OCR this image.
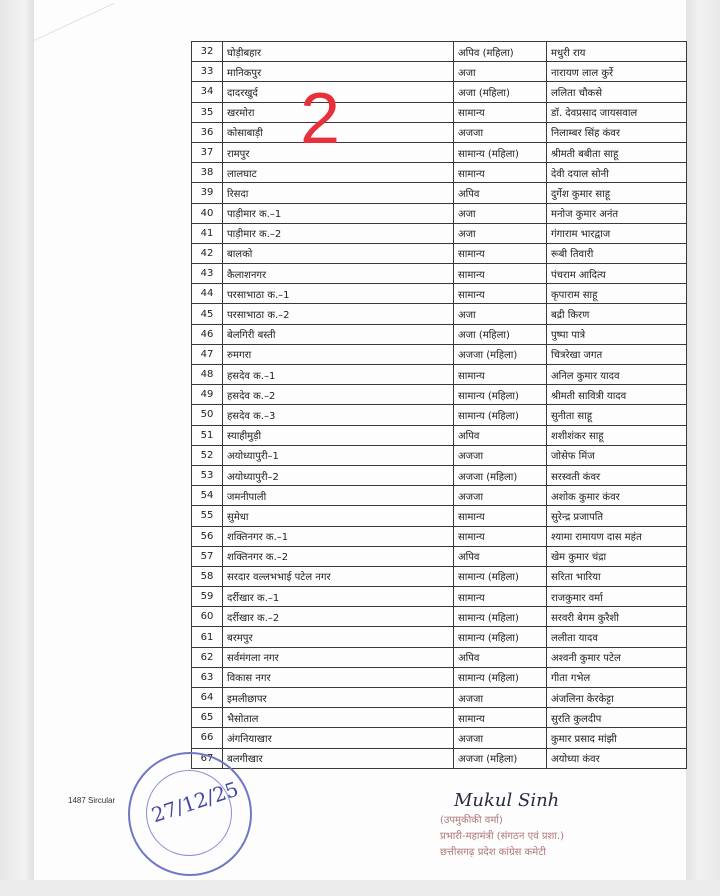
32	घोड़ीबहार	अपिव (महिला)	मधुरी राय
33	मानिकपुर	अजा	नारायण लाल कुर्रे
34	दादरखुर्द	अजा (महिला)	ललिता चौकसे
35	खरमोरा	सामान्य	डॉ. देवप्रसाद जायसवाल
36	कोसाबाड़ी	अजजा	निलाम्बर सिंह कंवर
37	रामपुर	सामान्य (महिला)	श्रीमती बबीता साहू
38	लालघाट	सामान्य	देवी दयाल सोनी
39	रिसदा	अपिव	दुर्गेश कुमार साहू
40	पाड़ीमार क.–1	अजा	मनोज कुमार अनंत
41	पाड़ीमार क.–2	अजा	गंगाराम भारद्वाज
42	बालको	सामान्य	रूबी तिवारी
43	कैलाशनगर	सामान्य	पंचराम आदित्य
44	परसाभाठा क.–1	सामान्य	कृपाराम साहू
45	परसाभाठा क.–2	अजा	बद्री किरण
46	बेलगिरी बस्ती	अजा (महिला)	पुष्पा पात्रे
47	रुमगरा	अजजा (महिला)	चित्ररेखा जगत
48	हसदेव क.–1	सामान्य	अनिल कुमार यादव
49	हसदेव क.–2	सामान्य (महिला)	श्रीमती सावित्री यादव
50	हसदेव क.–3	सामान्य (महिला)	सुनीता साहू
51	स्याहीमुड़ी	अपिव	शशीशंकर साहू
52	अयोध्यापुरी–1	अजजा	जोसेफ मिंज
53	अयोध्यापुरी–2	अजजा (महिला)	सरस्वती कंवर
54	जमनीपाली	अजजा	अशोक कुमार कंवर
55	सुमेधा	सामान्य	सुरेन्द्र प्रजापति
56	शक्तिनगर क.–1	सामान्य	श्यामा रामायण दास महंत
57	शक्तिनगर क.–2	अपिव	खेम कुमार चंद्रा
58	सरदार वल्लभभाई पटेल नगर	सामान्य (महिला)	सरिता भारिया
59	दर्रीखार क.–1	सामान्य	राजकुमार वर्मा
60	दर्रीखार क.–2	सामान्य (महिला)	सरवरी बेगम कुरैशी
61	बरमपुर	सामान्य (महिला)	ललीता यादव
62	सर्वमंगला नगर	अपिव	अश्वनी कुमार पटेल
63	विकास नगर	सामान्य (महिला)	गीता गभेल
64	इमलीछापर	अजजा	अंजलिना केरकेट्टा
65	भैसोताल	सामान्य	सुरति कुलदीप
66	अंगनियाखार	अजजा	कुमार प्रसाद मांझी
67	बलगीखार	अजजा (महिला)	अयोध्या कंवर
2
1487 Sircular 27/12/25	Mukul Sinh
(उपमुकीकी वर्मा)
प्रभारी-महामंत्री (संगठन एवं प्रशा.)
छत्तीसगढ़ प्रदेश कांग्रेस कमेटी
